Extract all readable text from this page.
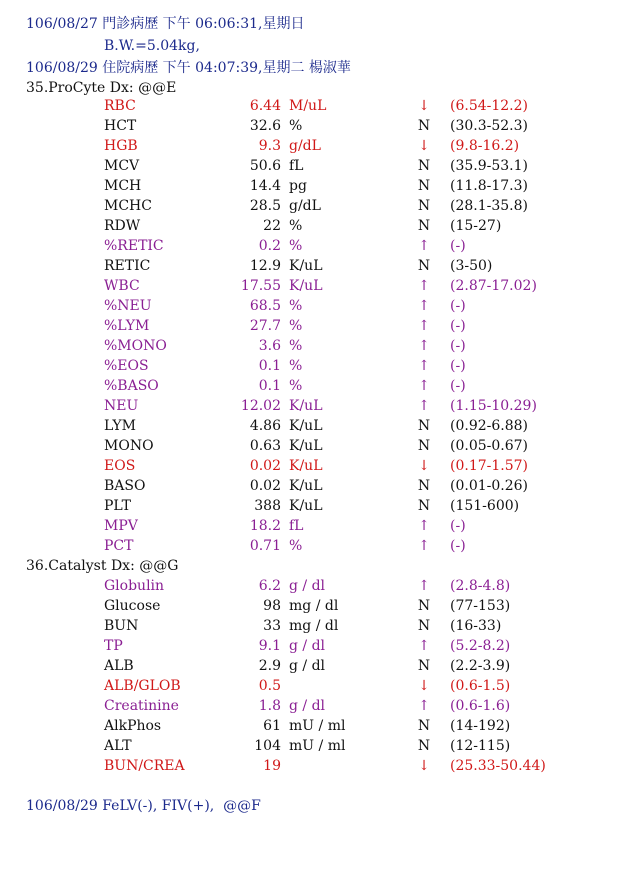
106/08/27 門診病歷 下午 06:06:31,星期日
B.W.=5.04kg,
106/08/29 住院病歷 下午 04:07:39,星期二 楊淑華
35.ProCyte Dx: @@E
RBC	6.44 M/uL	↓ (6.54-12.2)
HCT	32.6 %	N (30.3-52.3)
HGB	9.3 g/dL	↓ (9.8-16.2)
MCV	50.6 fL	N (35.9-53.1)
MCH	14.4 pg	N (11.8-17.3)
MCHC	28.5 g/dL	N (28.1-35.8)
RDW	22 %	N (15-27)
%RETIC	0.2 %	↑ (-)
RETIC	12.9 K/uL	N (3-50)
WBC	17.55 K/uL	↑ (2.87-17.02)
%NEU	68.5 %	↑ (-)
%LYM	27.7 %	↑ (-)
%MONO	3.6 %	↑ (-)
%EOS	0.1 %	↑ (-)
%BASO	0.1 %	↑ (-)
NEU	12.02 K/uL	↑ (1.15-10.29)
LYM	4.86 K/uL	N (0.92-6.88)
MONO	0.63 K/uL	N (0.05-0.67)
EOS	0.02 K/uL	↓ (0.17-1.57)
BASO	0.02 K/uL	N (0.01-0.26)
PLT	388 K/uL	N (151-600)
MPV	18.2 fL	↑ (-)
PCT	0.71 %	↑ (-)
36.Catalyst Dx: @@G
Globulin	6.2 g / dl	↑ (2.8-4.8)
Glucose	98 mg / dl	N (77-153)
BUN	33 mg / dl	N (16-33)
TP	9.1 g / dl	↑ (5.2-8.2)
ALB	2.9 g / dl	N (2.2-3.9)
ALB/GLOB	0.5	↓ (0.6-1.5)
Creatinine	1.8 g / dl	↑ (0.6-1.6)
AlkPhos	61 mU / ml	N (14-192)
ALT	104 mU / ml	N (12-115)
BUN/CREA	19	↓ (25.33-50.44)
106/08/29 FeLV(-), FIV(+),  @@F
